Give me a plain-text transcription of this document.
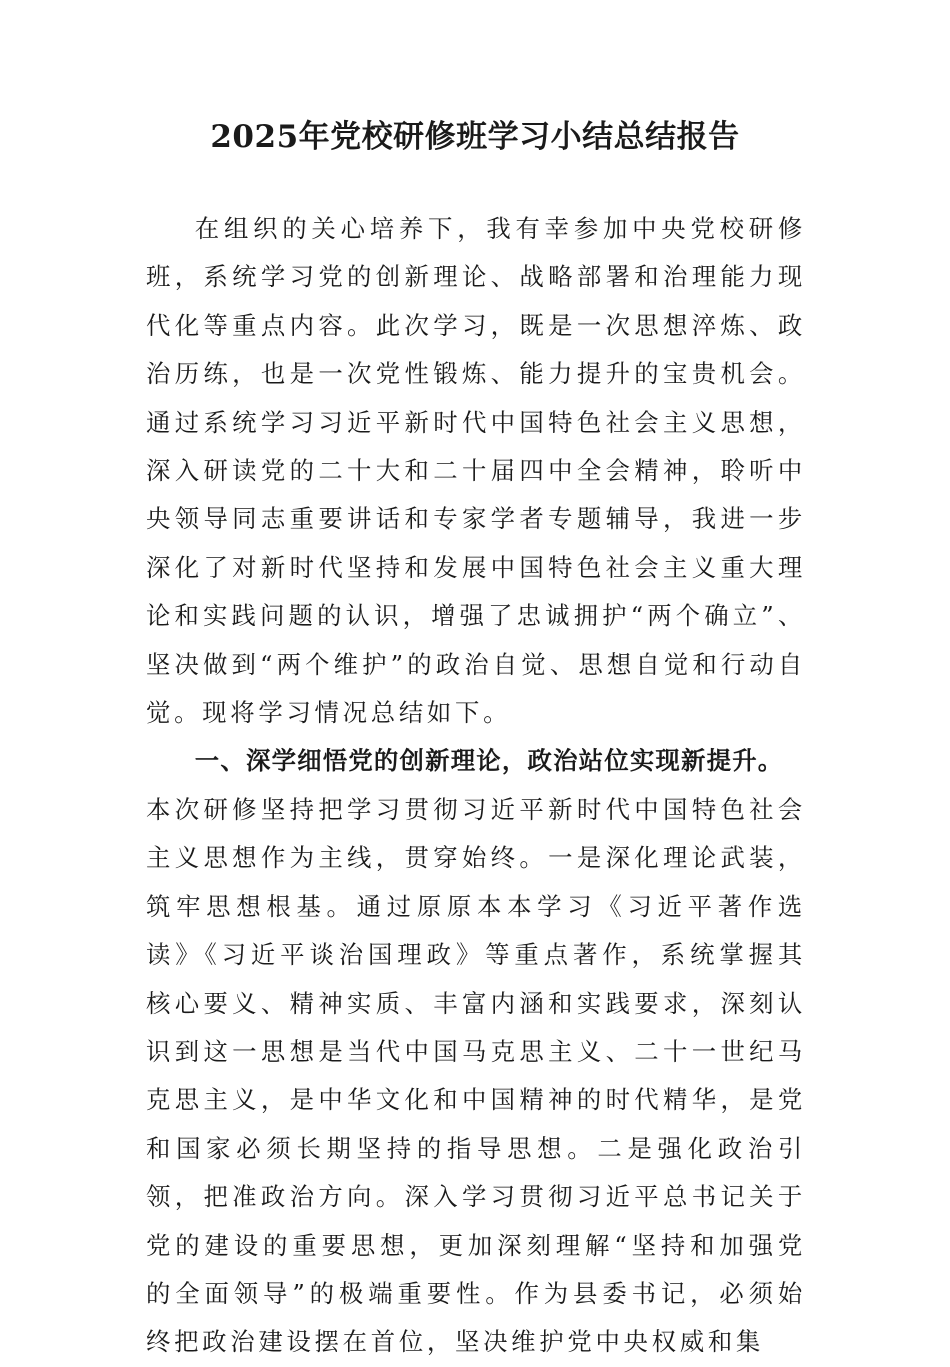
2025年党校研修班学习小结总结报告

在组织的关心培养下，我有幸参加中央党校研修班，系统学习党的创新理论、战略部署和治理能力现代化等重点内容。此次学习，既是一次思想淬炼、政治历练，也是一次党性锻炼、能力提升的宝贵机会。通过系统学习习近平新时代中国特色社会主义思想，深入研读党的二十大和二十届四中全会精神，聆听中央领导同志重要讲话和专家学者专题辅导，我进一步深化了对新时代坚持和发展中国特色社会主义重大理论和实践问题的认识，增强了忠诚拥护“两个确立”、坚决做到“两个维护”的政治自觉、思想自觉和行动自觉。现将学习情况总结如下。

一、深学细悟党的创新理论，政治站位实现新提升。

本次研修坚持把学习贯彻习近平新时代中国特色社会主义思想作为主线，贯穿始终。一是深化理论武装，筑牢思想根基。通过原原本本学习《习近平著作选读》《习近平谈治国理政》等重点著作，系统掌握其核心要义、精神实质、丰富内涵和实践要求，深刻认识到这一思想是当代中国马克思主义、二十一世纪马克思主义，是中华文化和中国精神的时代精华，是党和国家必须长期坚持的指导思想。二是强化政治引领，把准政治方向。深入学习贯彻习近平总书记关于党的建设的重要思想，更加深刻理解“坚持和加强党的全面领导”的极端重要性。作为县委书记，必须始终把政治建设摆在首位，坚决维护党中央权威和集
